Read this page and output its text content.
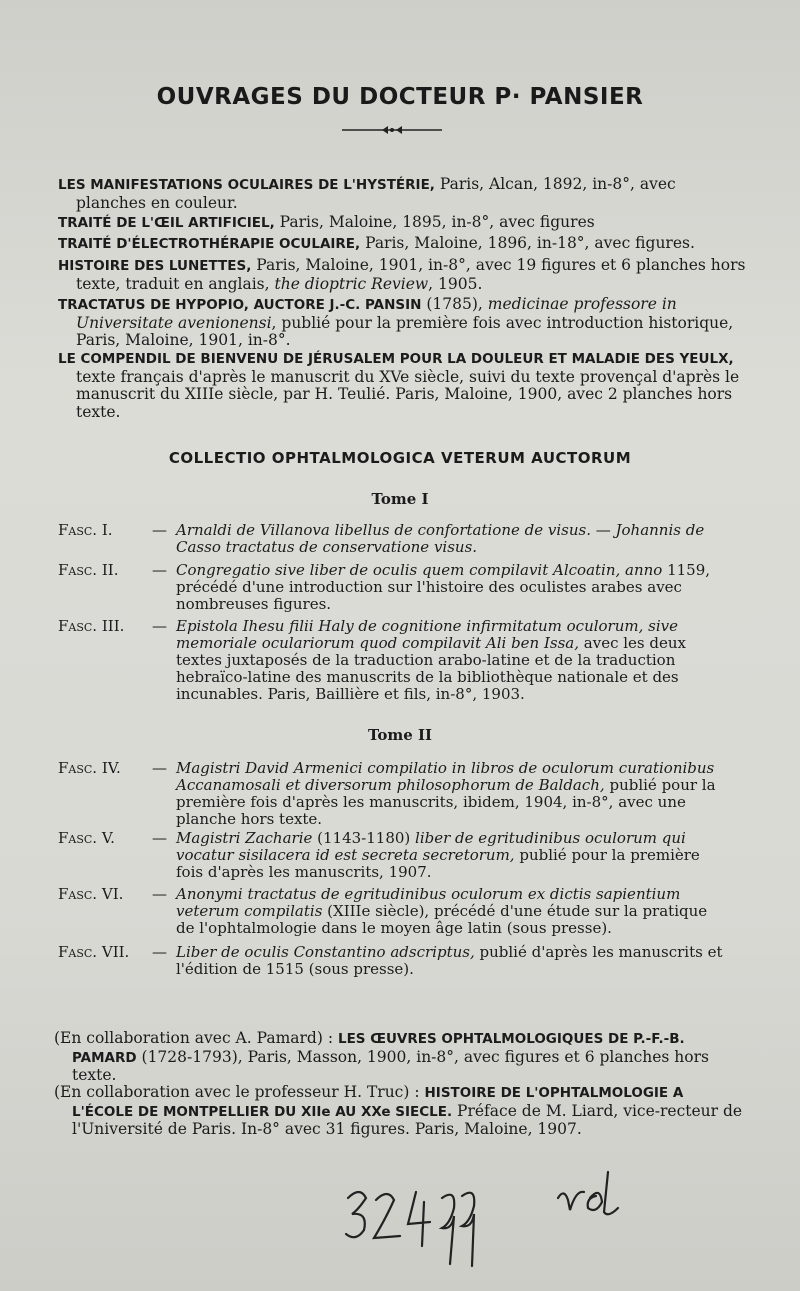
OUVRAGES DU DOCTEUR P· PANSIER
LES MANIFESTATIONS OCULAIRES DE L'HYSTÉRIE, Paris, Alcan, 1892, in-8°, avec planches en couleur.
TRAITÉ DE L'ŒIL ARTIFICIEL, Paris, Maloine, 1895, in-8°, avec figures
TRAITÉ D'ÉLECTROTHÉRAPIE OCULAIRE, Paris, Maloine, 1896, in-18°, avec figures.
HISTOIRE DES LUNETTES, Paris, Maloine, 1901, in-8°, avec 19 figures et 6 planches hors texte, traduit en anglais, the dioptric Review, 1905.
TRACTATUS DE HYPOPIO, AUCTORE J.-C. PANSIN (1785), medicinae professore in Universitate avenionensi, publié pour la première fois avec introduction historique, Paris, Maloine, 1901, in-8°.
LE COMPENDIL DE BIENVENU DE JÉRUSALEM POUR LA DOULEUR ET MALADIE DES YEULX, texte français d'après le manuscrit du XVe siècle, suivi du texte provençal d'après le manuscrit du XIIIe siècle, par H. Teulié. Paris, Maloine, 1900, avec 2 planches hors texte.
COLLECTIO OPHTALMOLOGICA VETERUM AUCTORUM
Tome I
Fasc. I.	— Arnaldi de Villanova libellus de confortatione de visus. — Johannis de Casso tractatus de conservatione visus.
Fasc. II.	— Congregatio sive liber de oculis quem compilavit Alcoatin, anno 1159, précédé d'une introduction sur l'histoire des oculistes arabes avec nombreuses figures.
Fasc. III.	— Epistola Ihesu filii Haly de cognitione infirmitatum oculorum, sive memoriale oculariorum quod compilavit Ali ben Issa, avec les deux textes juxtaposés de la traduction arabo-latine et de la traduction hebraïco-latine des manuscrits de la bibliothèque nationale et des incunables. Paris, Baillière et fils, in-8°, 1903.
Tome II
Fasc. IV.	— Magistri David Armenici compilatio in libros de oculorum curationibus Accanamosali et diversorum philosophorum de Baldach, publié pour la première fois d'après les manuscrits, ibidem, 1904, in-8°, avec une planche hors texte.
Fasc. V.	— Magistri Zacharie (1143-1180) liber de egritudinibus oculorum qui vocatur sisilacera id est secreta secretorum, publié pour la première fois d'après les manuscrits, 1907.
Fasc. VI.	— Anonymi tractatus de egritudinibus oculorum ex dictis sapientium veterum compilatis (XIIIe siècle), précédé d'une étude sur la pratique de l'ophtalmologie dans le moyen âge latin (sous presse).
Fasc. VII.	— Liber de oculis Constantino adscriptus, publié d'après les manuscrits et l'édition de 1515 (sous presse).
(En collaboration avec A. Pamard) : LES ŒUVRES OPHTALMOLOGIQUES DE P.-F.-B. PAMARD (1728-1793), Paris, Masson, 1900, in-8°, avec figures et 6 planches hors texte.
(En collaboration avec le professeur H. Truc) : HISTOIRE DE L'OPHTALMOLOGIE A L'ÉCOLE DE MONTPELLIER DU XIIe AU XXe SIECLE. Préface de M. Liard, vice-recteur de l'Université de Paris. In-8° avec 31 figures. Paris, Maloine, 1907.
